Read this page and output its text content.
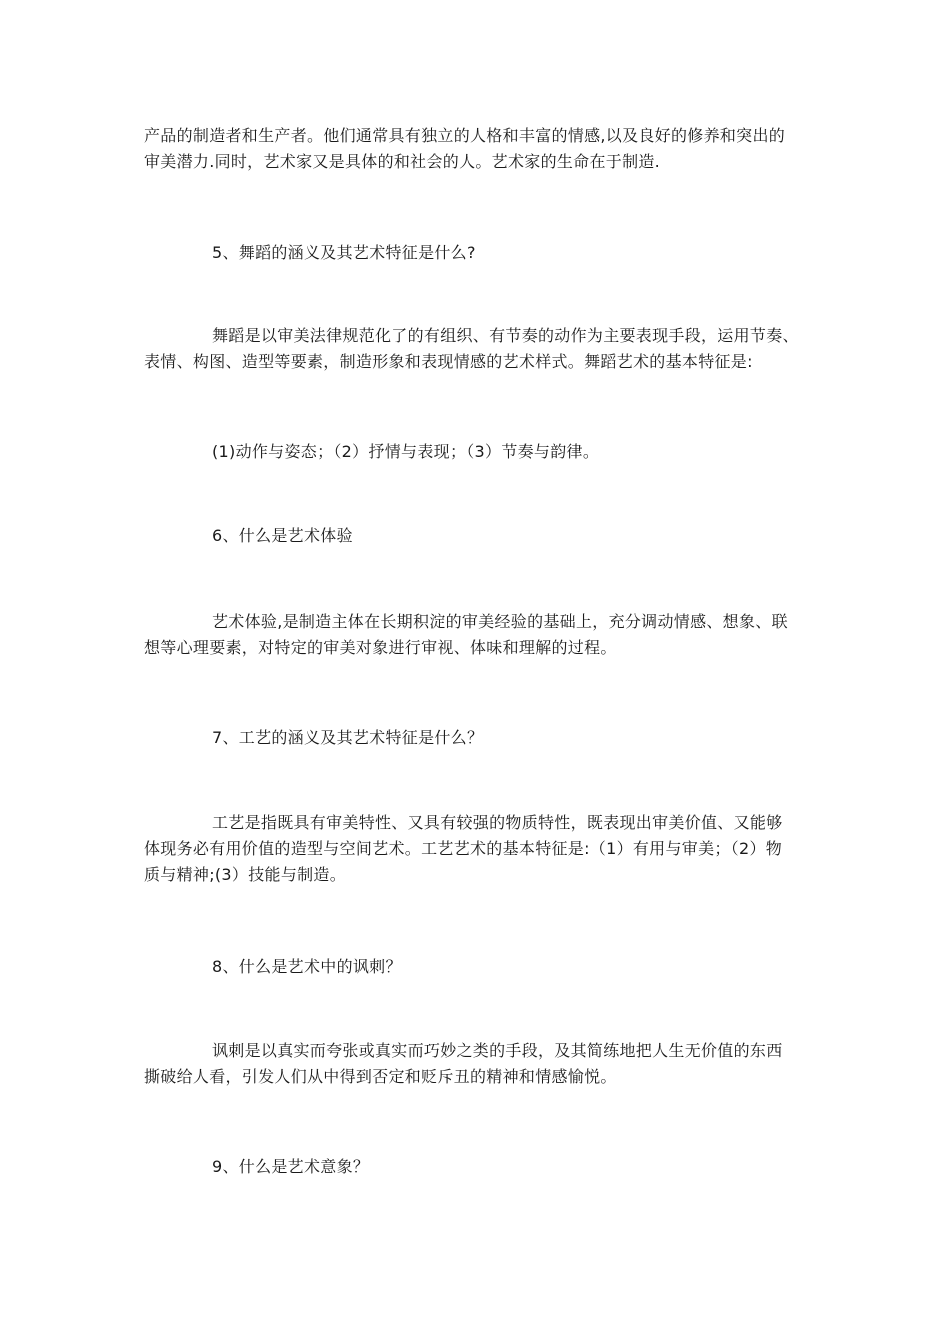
产品的制造者和生产者。他们通常具有独立的人格和丰富的情感,以及良好的修养和突出的
审美潜力.同时，艺术家又是具体的和社会的人。艺术家的生命在于制造.
5、舞蹈的涵义及其艺术特征是什么?
舞蹈是以审美法律规范化了的有组织、有节奏的动作为主要表现手段，运用节奏、
表情、构图、造型等要素，制造形象和表现情感的艺术样式。舞蹈艺术的基本特征是:
(1)动作与姿态；（2）抒情与表现；（3）节奏与韵律。
6、什么是艺术体验
艺术体验,是制造主体在长期积淀的审美经验的基础上，充分调动情感、想象、联
想等心理要素，对特定的审美对象进行审视、体味和理解的过程。
7、工艺的涵义及其艺术特征是什么？
工艺是指既具有审美特性、又具有较强的物质特性，既表现出审美价值、又能够
体现务必有用价值的造型与空间艺术。工艺艺术的基本特征是:（1）有用与审美；（2）物
质与精神;(3）技能与制造。
8、什么是艺术中的讽刺？
讽刺是以真实而夸张或真实而巧妙之类的手段，及其简练地把人生无价值的东西
撕破给人看，引发人们从中得到否定和贬斥丑的精神和情感愉悦。
9、什么是艺术意象？
